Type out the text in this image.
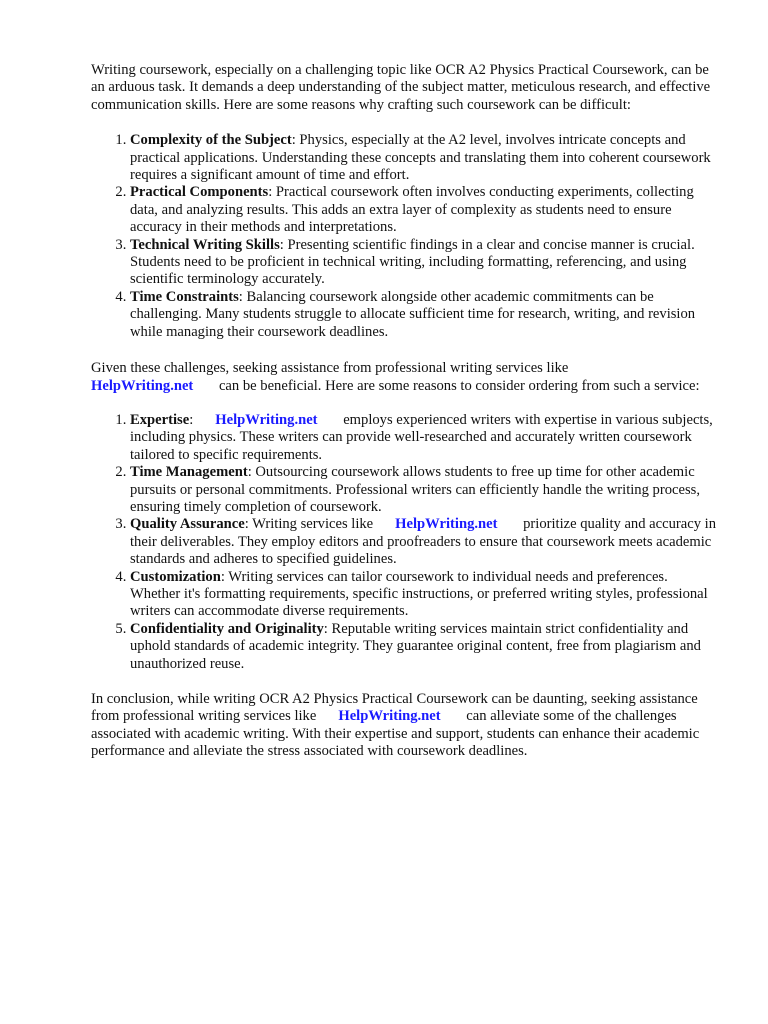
Writing coursework, especially on a challenging topic like OCR A2 Physics Practical Coursework, can be an arduous task. It demands a deep understanding of the subject matter, meticulous research, and effective communication skills. Here are some reasons why crafting such coursework can be difficult:

1. Complexity of the Subject: Physics, especially at the A2 level, involves intricate concepts and practical applications. Understanding these concepts and translating them into coherent coursework requires a significant amount of time and effort.
2. Practical Components: Practical coursework often involves conducting experiments, collecting data, and analyzing results. This adds an extra layer of complexity as students need to ensure accuracy in their methods and interpretations.
3. Technical Writing Skills: Presenting scientific findings in a clear and concise manner is crucial. Students need to be proficient in technical writing, including formatting, referencing, and using scientific terminology accurately.
4. Time Constraints: Balancing coursework alongside other academic commitments can be challenging. Many students struggle to allocate sufficient time for research, writing, and revision while managing their coursework deadlines.

Given these challenges, seeking assistance from professional writing services like
HelpWriting.net can be beneficial. Here are some reasons to consider ordering from such a service:

1. Expertise: HelpWriting.net employs experienced writers with expertise in various subjects, including physics. These writers can provide well-researched and accurately written coursework tailored to specific requirements.
2. Time Management: Outsourcing coursework allows students to free up time for other academic pursuits or personal commitments. Professional writers can efficiently handle the writing process, ensuring timely completion of coursework.
3. Quality Assurance: Writing services like HelpWriting.net prioritize quality and accuracy in their deliverables. They employ editors and proofreaders to ensure that coursework meets academic standards and adheres to specified guidelines.
4. Customization: Writing services can tailor coursework to individual needs and preferences. Whether it's formatting requirements, specific instructions, or preferred writing styles, professional writers can accommodate diverse requirements.
5. Confidentiality and Originality: Reputable writing services maintain strict confidentiality and uphold standards of academic integrity. They guarantee original content, free from plagiarism and unauthorized reuse.

In conclusion, while writing OCR A2 Physics Practical Coursework can be daunting, seeking assistance from professional writing services like HelpWriting.net can alleviate some of the challenges associated with academic writing. With their expertise and support, students can enhance their academic performance and alleviate the stress associated with coursework deadlines.
